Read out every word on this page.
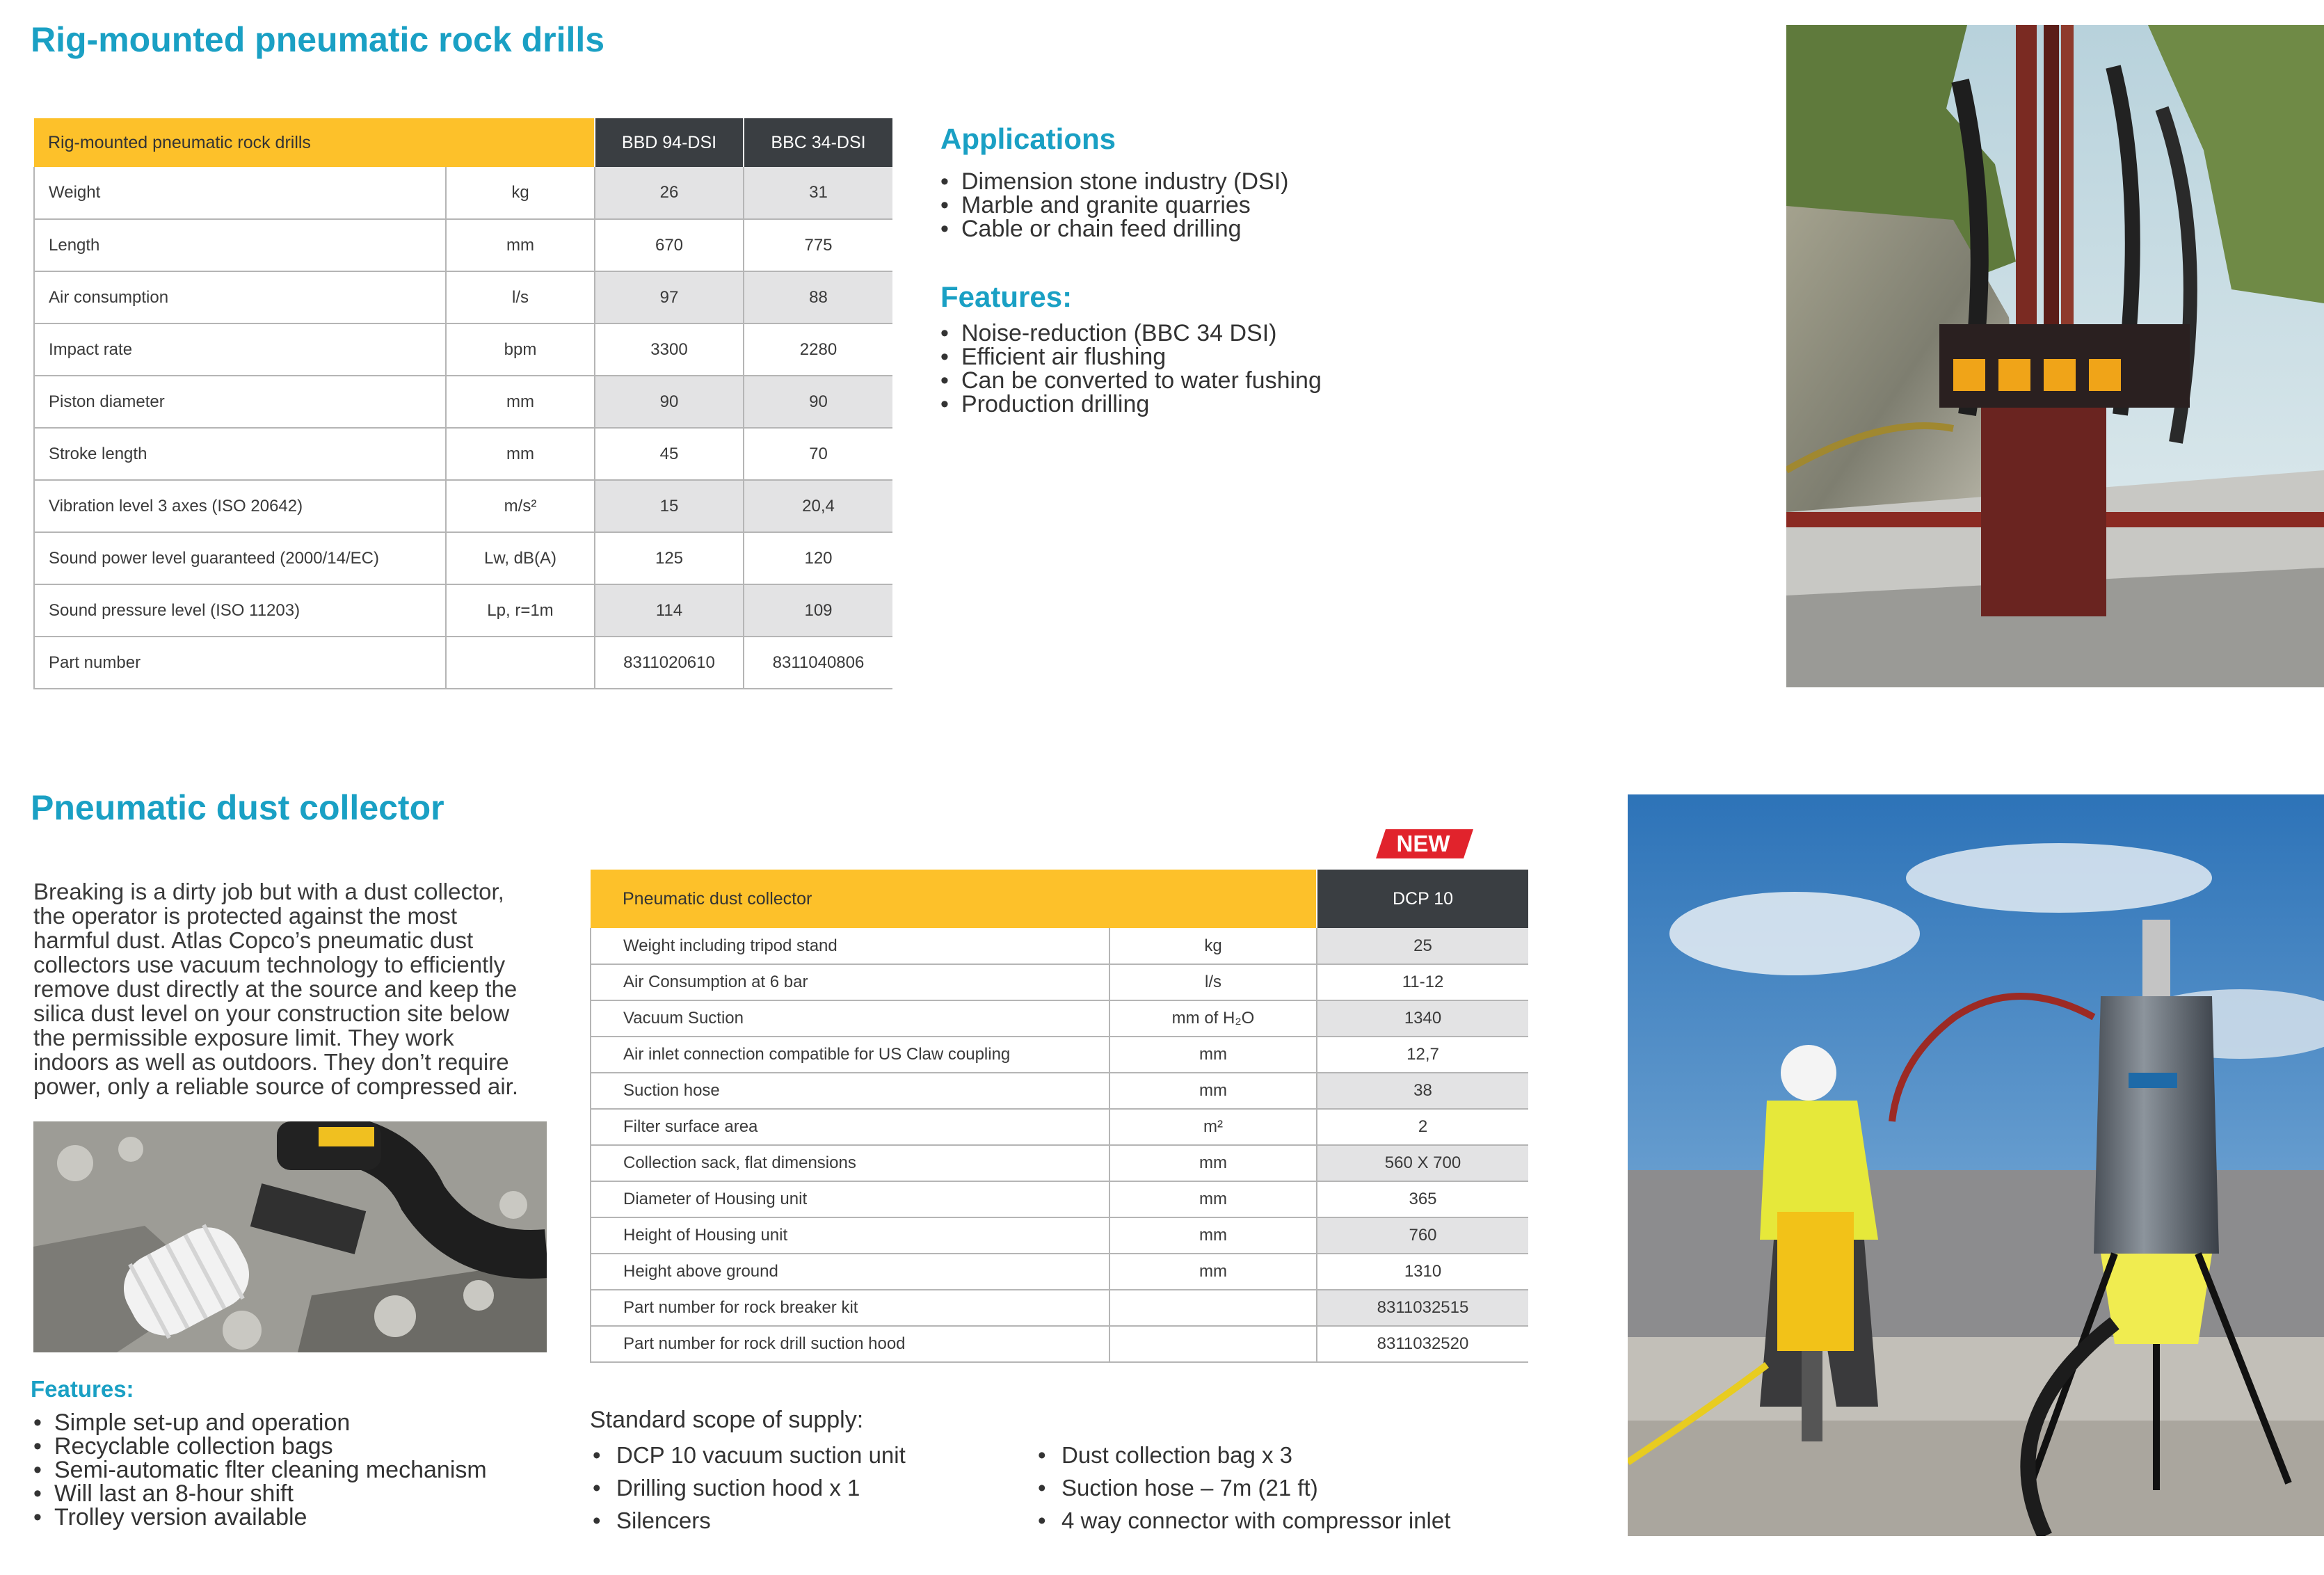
Rig-mounted pneumatic rock drills
Rig-mounted pneumatic rock drills		BBD 94-DSI	BBC 34-DSI
Weight	kg	26	31
Length	mm	670	775
Air consumption	l/s	97	88
Impact rate	bpm	3300	2280
Piston diameter	mm	90	90
Stroke length	mm	45	70
Vibration level 3 axes (ISO 20642)	m/s²	15	20,4
Sound power level guaranteed (2000/14/EC)	Lw, dB(A)	125	120
Sound pressure level (ISO 11203)	Lp, r=1m	114	109
Part number		8311020610	8311040806
Applications
• Dimension stone industry (DSI)
• Marble and granite quarries
• Cable or chain feed drilling
Features:
• Noise-reduction (BBC 34 DSI)
• Efficient air flushing
• Can be converted to water fushing
• Production drilling
Pneumatic dust collector
Breaking is a dirty job but with a dust collector,
the operator is protected against the most
harmful dust. Atlas Copco’s pneumatic dust
collectors use vacuum technology to efficiently
remove dust directly at the source and keep the
silica dust level on your construction site below
the permissible exposure limit. They work
indoors as well as outdoors. They don’t require
power, only a reliable source of compressed air.
Features:
• Simple set-up and operation
• Recyclable collection bags
• Semi-automatic flter cleaning mechanism
• Will last an 8-hour shift
• Trolley version available
NEW
Pneumatic dust collector		DCP 10
Weight including tripod stand	kg	25
Air Consumption at 6 bar	l/s	11-12
Vacuum Suction	mm of H₂O	1340
Air inlet connection compatible for US Claw coupling	mm	12,7
Suction hose	mm	38
Filter surface area	m²	2
Collection sack, flat dimensions	mm	560 X 700
Diameter of Housing unit	mm	365
Height of Housing unit	mm	760
Height above ground	mm	1310
Part number for rock breaker kit		8311032515
Part number for rock drill suction hood		8311032520
Standard scope of supply:
• DCP 10 vacuum suction unit
• Drilling suction hood x 1
• Silencers
• Dust collection bag x 3
• Suction hose – 7m (21 ft)
• 4 way connector with compressor inlet
